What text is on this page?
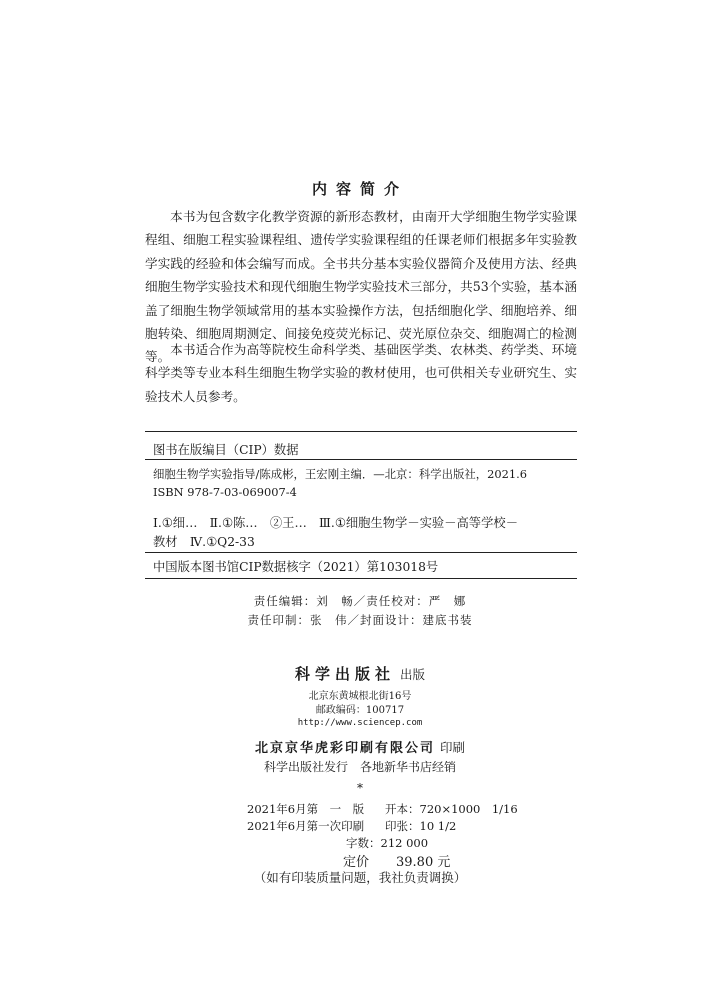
内容简介

本书为包含数字化教学资源的新形态教材，由南开大学细胞生物学实验课程组、细胞工程实验课程组、遗传学实验课程组的任课老师们根据多年实验教学实践的经验和体会编写而成。全书共分基本实验仪器简介及使用方法、经典细胞生物学实验技术和现代细胞生物学实验技术三部分，共53个实验，基本涵盖了细胞生物学领域常用的基本实验操作方法，包括细胞化学、细胞培养、细胞转染、细胞周期测定、间接免疫荧光标记、荧光原位杂交、细胞凋亡的检测等。 本书适合作为高等院校生命科学类、基础医学类、农林类、药学类、环境科学类等专业本科生细胞生物学实验的教材使用，也可供相关专业研究生、实验技术人员参考。

图书在版编目（CIP）数据
细胞生物学实验指导/陈成彬，王宏刚主编．—北京：科学出版社，2021.6
ISBN 978-7-03-069007-4
Ⅰ.①细…　Ⅱ.①陈…　②王…　Ⅲ.①细胞生物学－实验－高等学校－
教材　Ⅳ.①Q2-33
中国版本图书馆CIP数据核字（2021）第103018号
责任编辑：刘　畅／责任校对：严　娜
责任印制：张　伟／封面设计：建底书装
科学出版社 出版
北京东黄城根北街16号
邮政编码：100717
http://www.sciencep.com
北京京华虎彩印刷有限公司 印刷
科学出版社发行　各地新华书店经销
*
2021年6月第　一　版 开本：720×1000　1/16
2021年6月第一次印刷 印张：10 1/2
字数：212 000
定价 39.80 元
（如有印装质量问题，我社负责调换）
